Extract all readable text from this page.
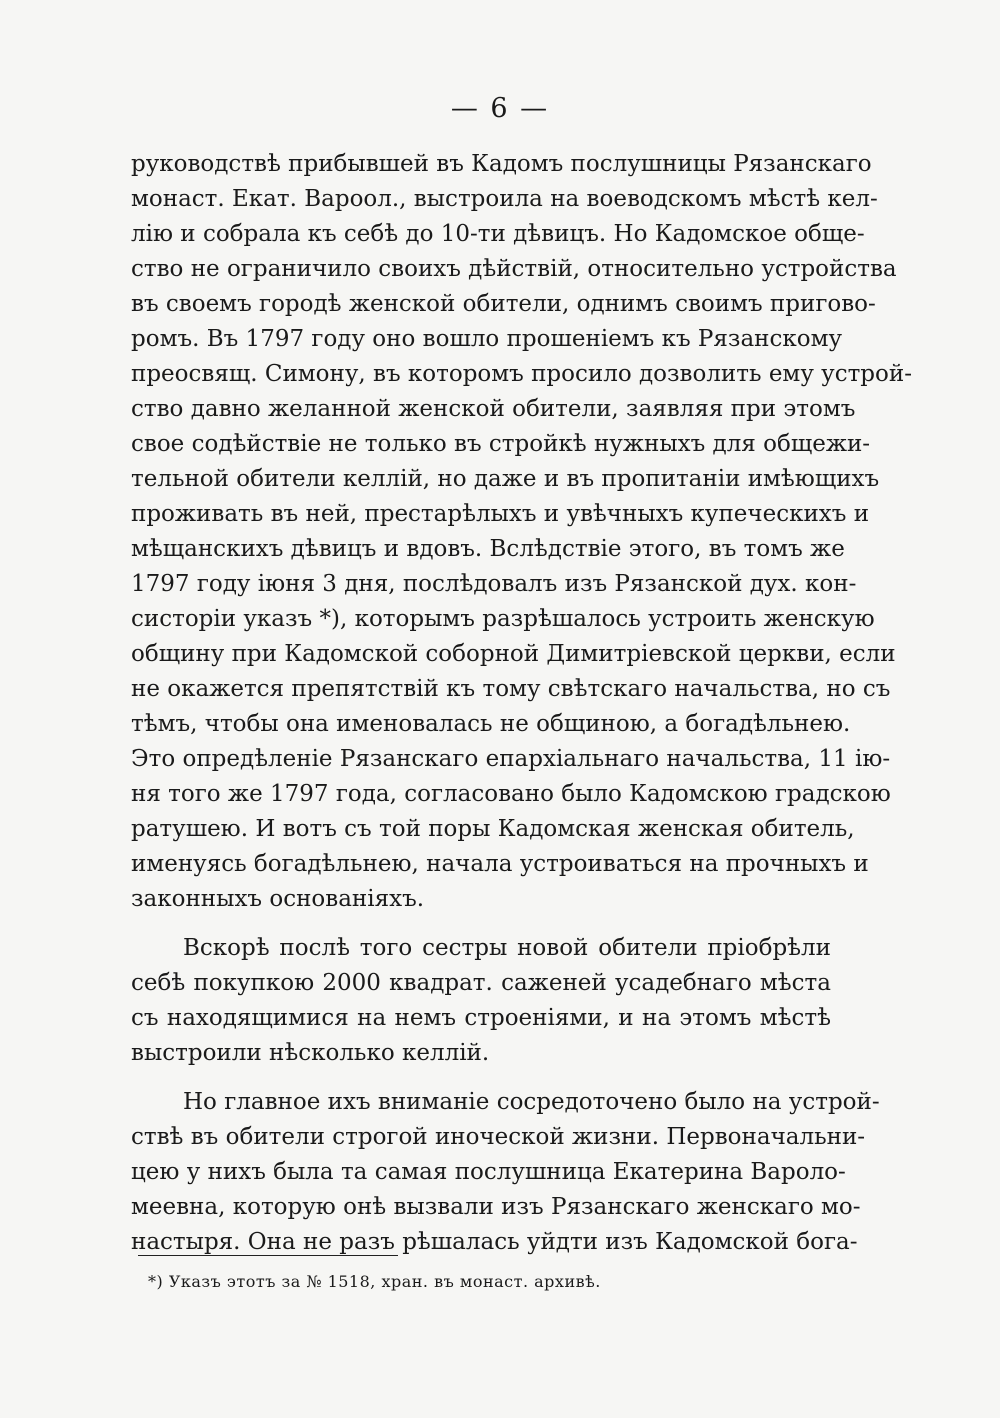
— 6 —
руководствѣ прибывшей въ Кадомъ послушницы Рязанскаго
монаст. Екат. Вароол., выстроила на воеводскомъ мѣстѣ кел-
лію и собрала къ себѣ до 10-ти дѣвицъ. Но Кадомское обще-
ство не ограничило своихъ дѣйствій, относительно устройства
въ своемъ городѣ женской обители, однимъ своимъ пригово-
ромъ. Въ 1797 году оно вошло прошеніемъ къ Рязанскому
преосвящ. Симону, въ которомъ просило дозволить ему устрой-
ство давно желанной женской обители, заявляя при этомъ
свое содѣйствіе не только въ стройкѣ нужныхъ для общежи-
тельной обители келлій, но даже и въ пропитаніи имѣющихъ
проживать въ ней, престарѣлыхъ и увѣчныхъ купеческихъ и
мѣщанскихъ дѣвицъ и вдовъ. Вслѣдствіе этого, въ томъ же
1797 году іюня 3 дня, послѣдовалъ изъ Рязанской дух. кон-
систоріи указъ *), которымъ разрѣшалось устроить женскую
общину при Кадомской соборной Димитріевской церкви, если
не окажется препятствій къ тому свѣтскаго начальства, но съ
тѣмъ, чтобы она именовалась не общиною, а богадѣльнею.
Это опредѣленіе Рязанскаго епархіальнаго начальства, 11 ію-
ня того же 1797 года, согласовано было Кадомскою градскою
ратушею. И вотъ съ той поры Кадомская женская обитель,
именуясь богадѣльнею, начала устроиваться на прочныхъ и
законныхъ основаніяхъ.
Вскорѣ послѣ того сестры новой обители пріобрѣли
себѣ покупкою 2000 квадрат. саженей усадебнаго мѣста
съ находящимися на немъ строеніями, и на этомъ мѣстѣ
выстроили нѣсколько келлій.
Но главное ихъ вниманіе сосредоточено было на устрой-
ствѣ въ обители строгой иноческой жизни. Первоначальни-
цею у нихъ была та самая послушница Екатерина Вароло-
меевна, которую онѣ вызвали изъ Рязанскаго женскаго мо-
настыря. Она не разъ рѣшалась уйдти изъ Кадомской бога-
*) Указъ этотъ за № 1518, хран. въ монаст. архивѣ.
